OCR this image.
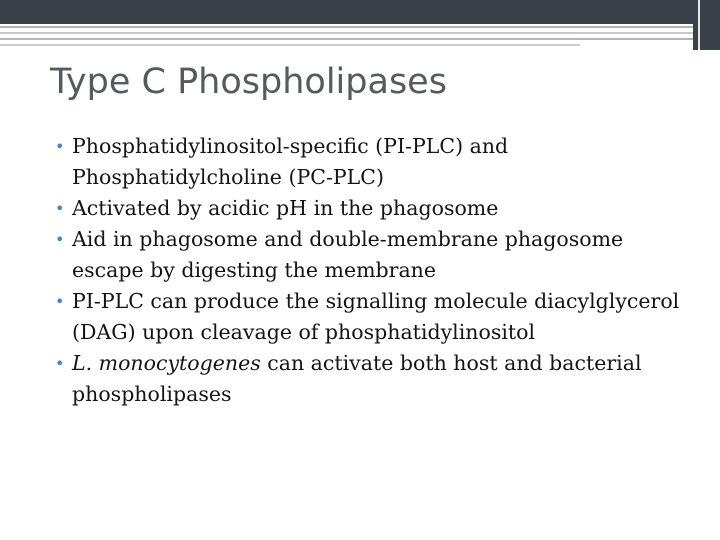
Type C Phospholipases
• Phosphatidylinositol-specific (PI-PLC) and Phosphatidylcholine (PC-PLC)
• Activated by acidic pH in the phagosome
• Aid in phagosome and double-membrane phagosome escape by digesting the membrane
• PI-PLC can produce the signalling molecule diacylglycerol (DAG) upon cleavage of phosphatidylinositol
• L. monocytogenes can activate both host and bacterial phospholipases
